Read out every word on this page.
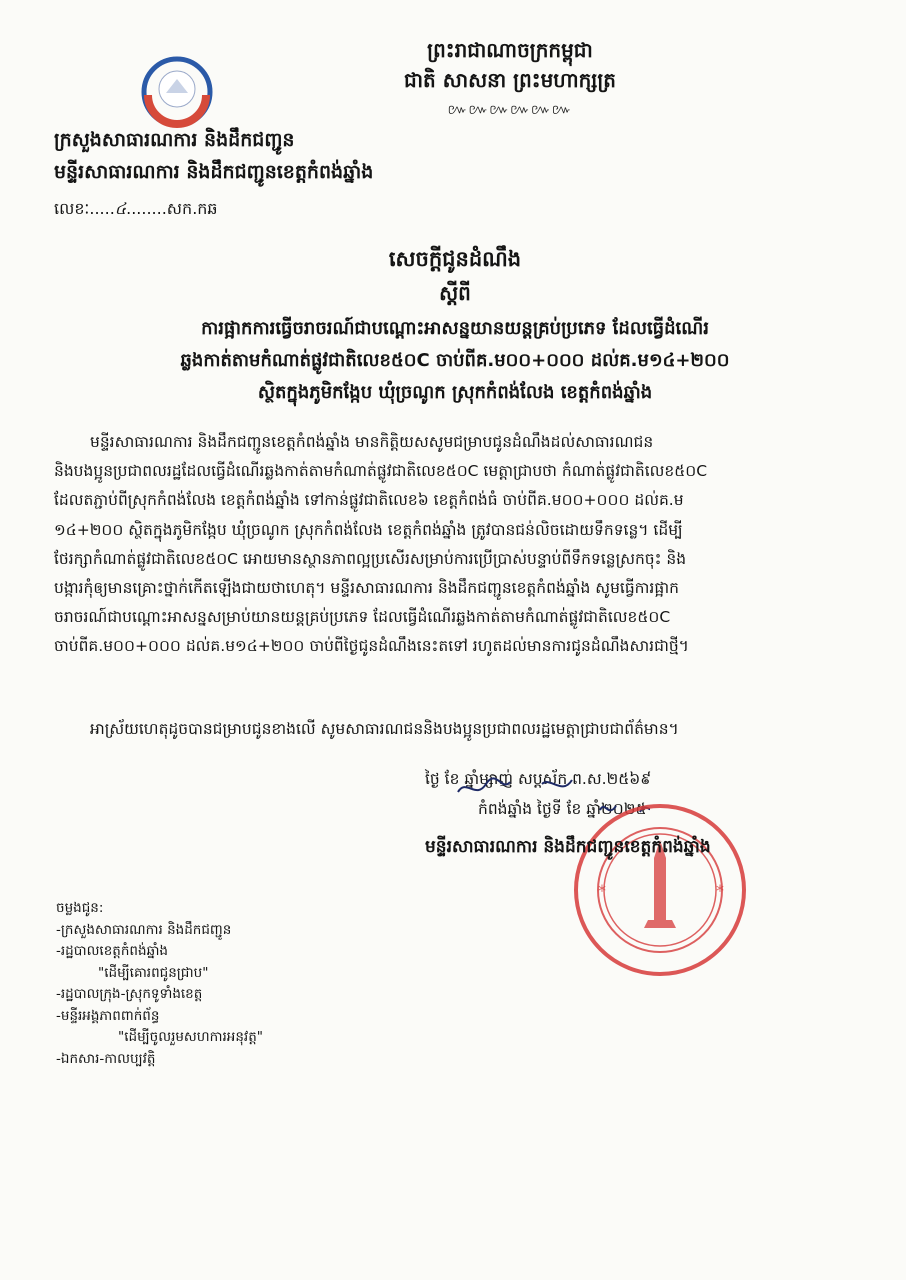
ព្រះរាជាណាចក្រកម្ពុជា
ជាតិ សាសនា ព្រះមហាក្សត្រ
៚៚៚៚៚៚
ក្រសួងសាធារណការ និងដឹកជញ្ជូន
មន្ទីរសាធារណការ និងដឹកជញ្ជូនខេត្តកំពង់ឆ្នាំង
លេខៈ.....៤........សក.កឆ
សេចក្តីជូនដំណឹង
ស្តីពី
ការផ្អាកការធ្វើចរាចរណ៍ជាបណ្តោះអាសន្នយានយន្តគ្រប់ប្រភេទ ដែលធ្វើដំណើរ
ឆ្លងកាត់តាមកំណាត់ផ្លូវជាតិលេខ៥០C ចាប់ពីគ.ម០០+០០០ ដល់គ.ម១៤+២០០
ស្ថិតក្នុងភូមិកង្កែប ឃុំច្រណូក ស្រុកកំពង់លែង ខេត្តកំពង់ឆ្នាំង
មន្ទីរសាធារណការ និងដឹកជញ្ជូនខេត្តកំពង់ឆ្នាំង មានកិត្តិយសសូមជម្រាបជូនដំណឹងដល់សាធារណជន
និងបងប្អូនប្រជាពលរដ្ឋដែលធ្វើដំណើរឆ្លងកាត់តាមកំណាត់ផ្លូវជាតិលេខ៥០C មេត្តាជ្រាបថា កំណាត់ផ្លូវជាតិលេខ៥០C
ដែលតភ្ជាប់ពីស្រុកកំពង់លែង ខេត្តកំពង់ឆ្នាំង ទៅកាន់ផ្លូវជាតិលេខ៦ ខេត្តកំពង់ធំ ចាប់ពីគ.ម០០+០០០ ដល់គ.ម
១៤+២០០ ស្ថិតក្នុងភូមិកង្កែប ឃុំច្រណូក ស្រុកកំពង់លែង ខេត្តកំពង់ឆ្នាំង ត្រូវបានជន់លិចដោយទឹកទន្លេ។ ដើម្បី
ថែរក្សាកំណាត់ផ្លូវជាតិលេខ៥០C អោយមានស្ថានភាពល្អប្រសើរសម្រាប់ការប្រើប្រាស់បន្ទាប់ពីទឹកទន្លេស្រកចុះ និង
បង្ការកុំឲ្យមានគ្រោះថ្នាក់កើតឡើងជាយថាហេតុ។ មន្ទីរសាធារណការ និងដឹកជញ្ជូនខេត្តកំពង់ឆ្នាំង សូមធ្វើការផ្អាក
ចរាចរណ៍ជាបណ្តោះអាសន្នសម្រាប់យានយន្តគ្រប់ប្រភេទ ដែលធ្វើដំណើរឆ្លងកាត់តាមកំណាត់ផ្លូវជាតិលេខ៥០C
ចាប់ពីគ.ម០០+០០០ ដល់គ.ម១៤+២០០ ចាប់ពីថ្ងៃជូនដំណឹងនេះតទៅ រហូតដល់មានការជូនដំណឹងសារជាថ្មី។
អាស្រ័យហេតុដូចបានជម្រាបជូនខាងលើ សូមសាធារណជននិងបងប្អូនប្រជាពលរដ្ឋមេត្តាជ្រាបជាព័ត៌មាន។
ថ្ងៃ ខែ ឆ្នាំម្សាញ់ សប្តស័ក ព.ស.២៥៦៩
កំពង់ឆ្នាំង ថ្ងៃទី ខែ ឆ្នាំ២០២៥
*	*
មន្ទីរសាធារណការ និងដឹកជញ្ជូនខេត្តកំពង់ឆ្នាំង
ចម្លងជូន:
-ក្រសួងសាធារណការ និងដឹកជញ្ជូន
-រដ្ឋបាលខេត្តកំពង់ឆ្នាំង
"ដើម្បីគោរពជូនជ្រាប"
-រដ្ឋបាលក្រុង-ស្រុកទូទាំងខេត្ត
-មន្ទីរអង្គភាពពាក់ព័ន្ធ
"ដើម្បីចូលរួមសហការអនុវត្ត"
-ឯកសារ-កាលប្បវត្តិ
